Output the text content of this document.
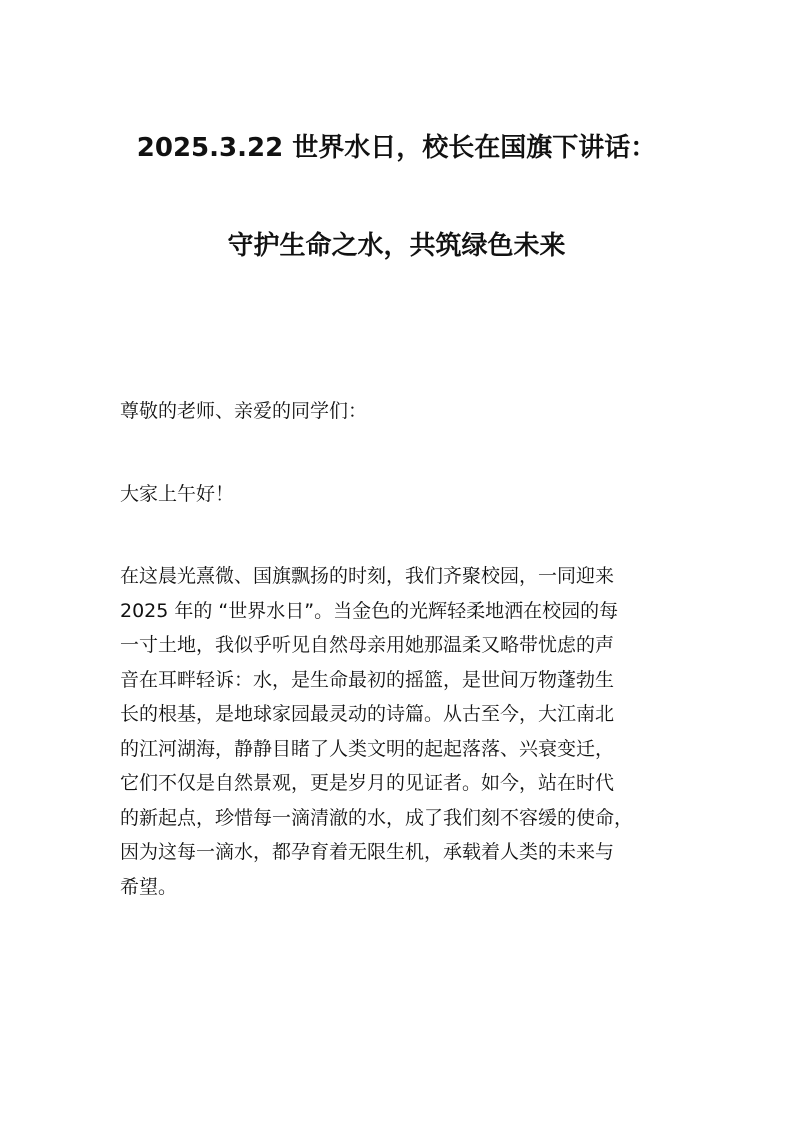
2025.3.22 世界水日，校长在国旗下讲话：
守护生命之水，共筑绿色未来
尊敬的老师、亲爱的同学们：
大家上午好！
在这晨光熹微、国旗飘扬的时刻，我们齐聚校园，一同迎来
2025 年的 “世界水日”。当金色的光辉轻柔地洒在校园的每
一寸土地，我似乎听见自然母亲用她那温柔又略带忧虑的声
音在耳畔轻诉：水，是生命最初的摇篮，是世间万物蓬勃生
长的根基，是地球家园最灵动的诗篇。从古至今，大江南北
的江河湖海，静静目睹了人类文明的起起落落、兴衰变迁，
它们不仅是自然景观，更是岁月的见证者。如今，站在时代
的新起点，珍惜每一滴清澈的水，成了我们刻不容缓的使命，
因为这每一滴水，都孕育着无限生机，承载着人类的未来与
希望。
